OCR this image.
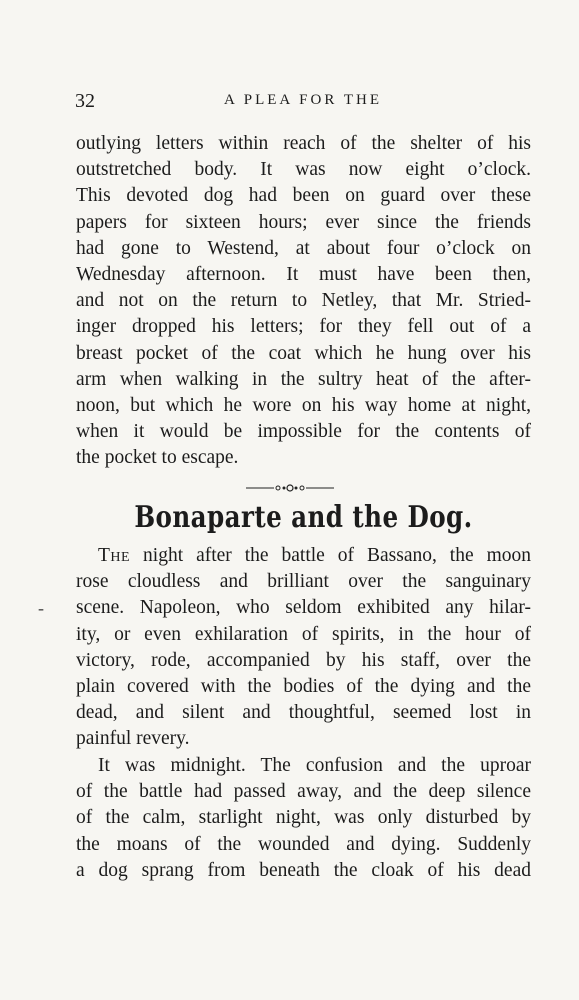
32	A PLEA FOR THE
outlying letters within reach of the shelter of his
outstretched body. It was now eight o’clock.
This devoted dog had been on guard over these
papers for sixteen hours; ever since the friends
had gone to Westend, at about four o’clock on
Wednesday afternoon. It must have been then,
and not on the return to Netley, that Mr. Stried-
inger dropped his letters; for they fell out of a
breast pocket of the coat which he hung over his
arm when walking in the sultry heat of the after-
noon, but which he wore on his way home at night,
when it would be impossible for the contents of
the pocket to escape.
Bonaparte and the Dog.
-
The night after the battle of Bassano, the moon
rose cloudless and brilliant over the sanguinary
scene. Napoleon, who seldom exhibited any hilar-
ity, or even exhilaration of spirits, in the hour of
victory, rode, accompanied by his staff, over the
plain covered with the bodies of the dying and the
dead, and silent and thoughtful, seemed lost in
painful revery.
It was midnight. The confusion and the uproar
of the battle had passed away, and the deep silence
of the calm, starlight night, was only disturbed by
the moans of the wounded and dying. Suddenly
a dog sprang from beneath the cloak of his dead
